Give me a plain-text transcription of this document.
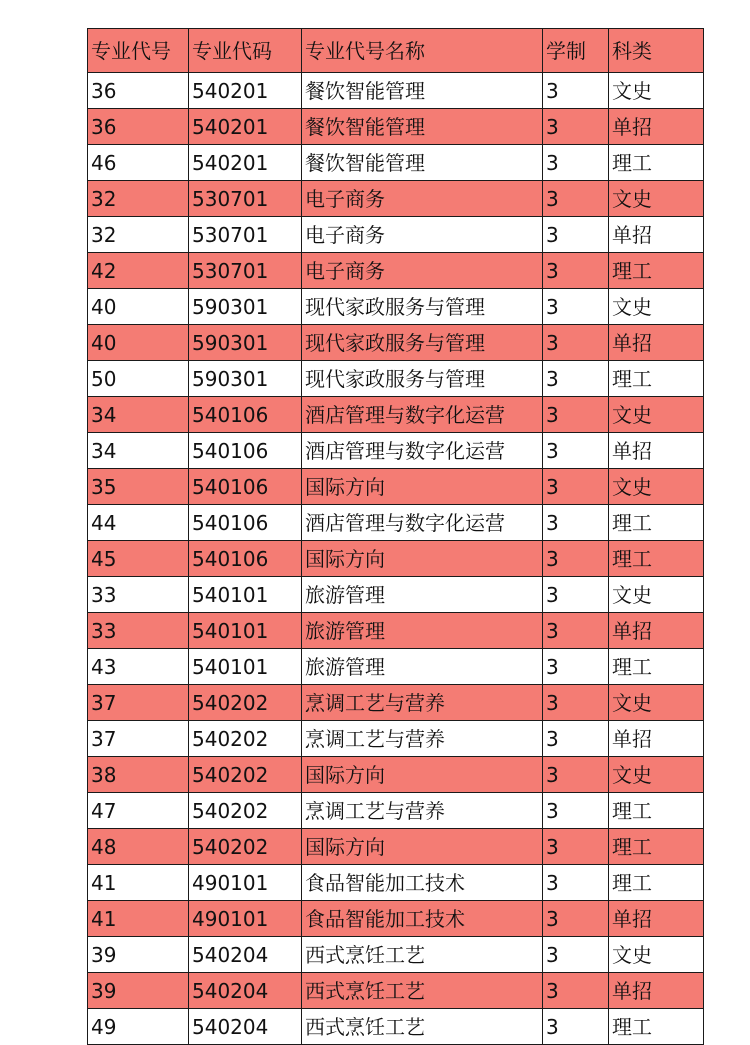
专业代号	专业代码	专业代号名称	学制	科类
36	540201	餐饮智能管理	3	文史
36	540201	餐饮智能管理	3	单招
46	540201	餐饮智能管理	3	理工
32	530701	电子商务	3	文史
32	530701	电子商务	3	单招
42	530701	电子商务	3	理工
40	590301	现代家政服务与管理	3	文史
40	590301	现代家政服务与管理	3	单招
50	590301	现代家政服务与管理	3	理工
34	540106	酒店管理与数字化运营	3	文史
34	540106	酒店管理与数字化运营	3	单招
35	540106	国际方向	3	文史
44	540106	酒店管理与数字化运营	3	理工
45	540106	国际方向	3	理工
33	540101	旅游管理	3	文史
33	540101	旅游管理	3	单招
43	540101	旅游管理	3	理工
37	540202	烹调工艺与营养	3	文史
37	540202	烹调工艺与营养	3	单招
38	540202	国际方向	3	文史
47	540202	烹调工艺与营养	3	理工
48	540202	国际方向	3	理工
41	490101	食品智能加工技术	3	理工
41	490101	食品智能加工技术	3	单招
39	540204	西式烹饪工艺	3	文史
39	540204	西式烹饪工艺	3	单招
49	540204	西式烹饪工艺	3	理工
